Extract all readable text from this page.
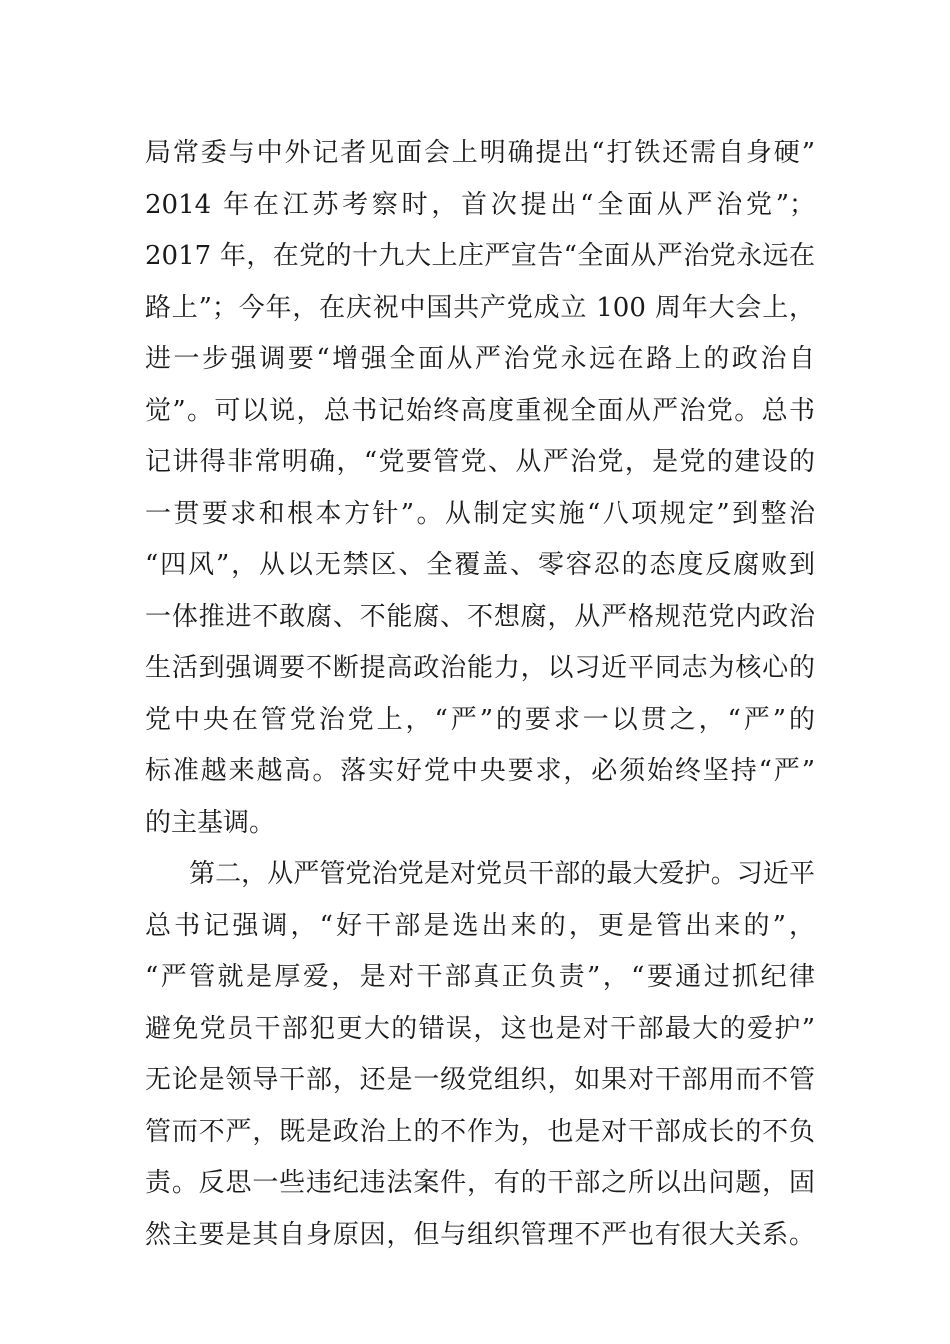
局常委与中外记者见面会上明确提出“打铁还需自身硬”
2014 年在江苏考察时，首次提出“全面从严治党”；
2017 年，在党的十九大上庄严宣告“全面从严治党永远在
路上”；今年，在庆祝中国共产党成立 100 周年大会上，
进一步强调要“增强全面从严治党永远在路上的政治自
觉”。可以说，总书记始终高度重视全面从严治党。总书
记讲得非常明确，“党要管党、从严治党，是党的建设的
一贯要求和根本方针”。从制定实施“八项规定”到整治
“四风”，从以无禁区、全覆盖、零容忍的态度反腐败到
一体推进不敢腐、不能腐、不想腐，从严格规范党内政治
生活到强调要不断提高政治能力，以习近平同志为核心的
党中央在管党治党上，“严”的要求一以贯之，“严”的
标准越来越高。落实好党中央要求，必须始终坚持“严”
的主基调。
第二，从严管党治党是对党员干部的最大爱护。习近平
总书记强调，“好干部是选出来的，更是管出来的”，
“严管就是厚爱，是对干部真正负责”，“要通过抓纪律
避免党员干部犯更大的错误，这也是对干部最大的爱护”
无论是领导干部，还是一级党组织，如果对干部用而不管
管而不严，既是政治上的不作为，也是对干部成长的不负
责。反思一些违纪违法案件，有的干部之所以出问题，固
然主要是其自身原因，但与组织管理不严也有很大关系。
